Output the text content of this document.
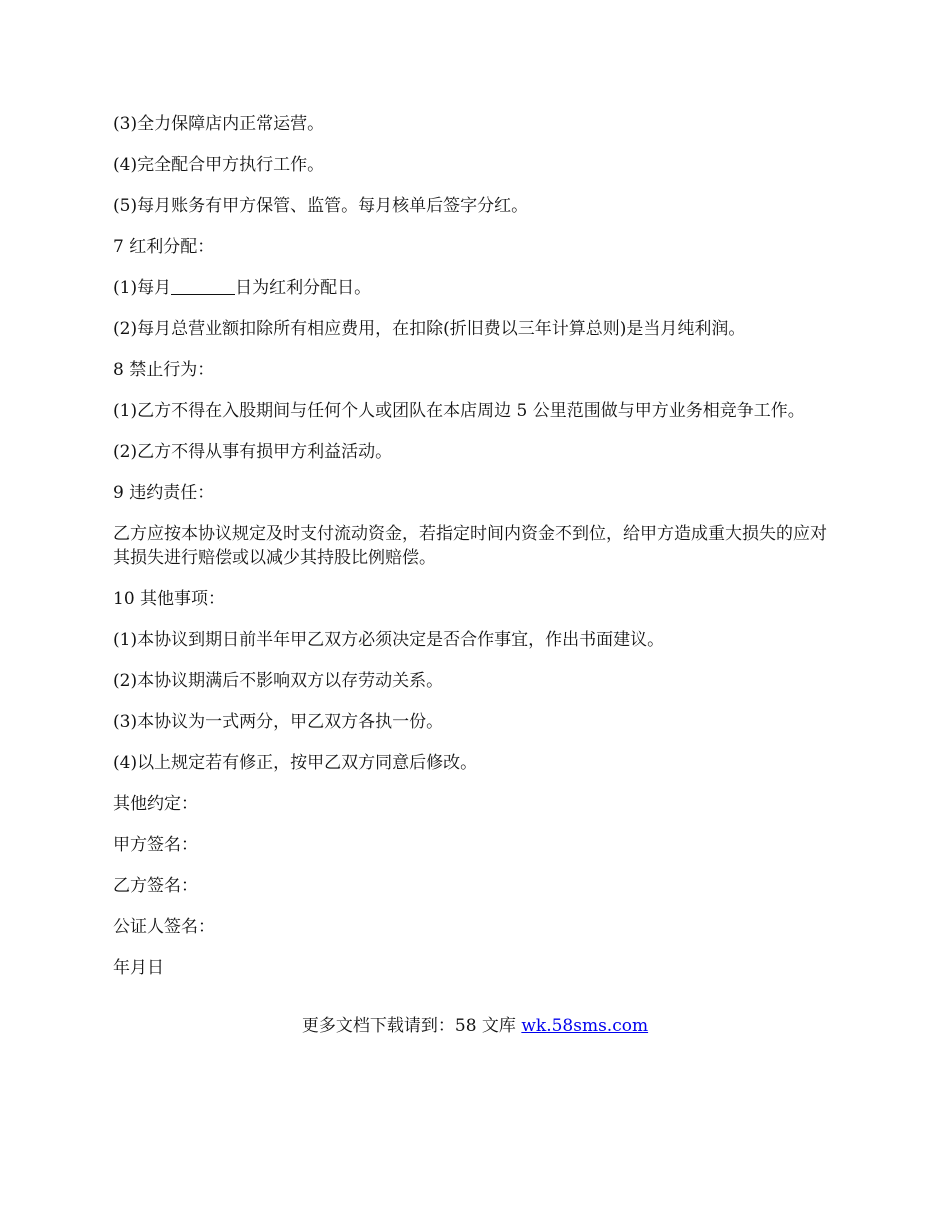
(3)全力保障店内正常运营。

(4)完全配合甲方执行工作。

(5)每月账务有甲方保管、监管。每月核单后签字分红。

7 红利分配：

(1)每月	日为红利分配日。

(2)每月总营业额扣除所有相应费用，在扣除(折旧费以三年计算总则)是当月纯利润。

8 禁止行为：

(1)乙方不得在入股期间与任何个人或团队在本店周边 5 公里范围做与甲方业务相竞争工作。

(2)乙方不得从事有损甲方利益活动。

9 违约责任：

乙方应按本协议规定及时支付流动资金，若指定时间内资金不到位，给甲方造成重大损失的应对其损失进行赔偿或以减少其持股比例赔偿。

10 其他事项：

(1)本协议到期日前半年甲乙双方必须决定是否合作事宜，作出书面建议。

(2)本协议期满后不影响双方以存劳动关系。

(3)本协议为一式两分，甲乙双方各执一份。

(4)以上规定若有修正，按甲乙双方同意后修改。

其他约定：

甲方签名：

乙方签名：

公证人签名：

年月日

更多文档下载请到：58 文库 wk.58sms.com
